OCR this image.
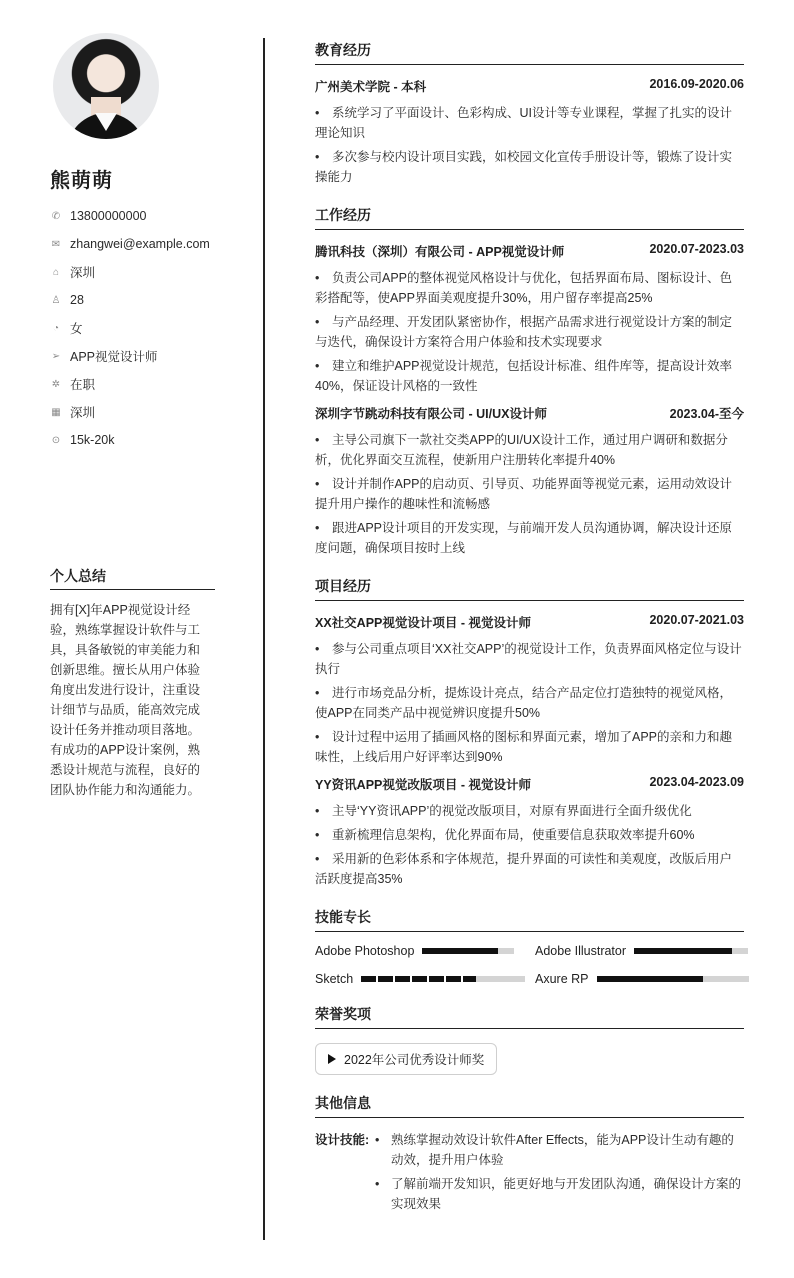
熊萌萌
✆ 13800000000
✉ zhangwei@example.com
⌂ 深圳
♙ 28
◔ 女
➢ APP视觉设计师
✲ 在职
▦ 深圳
⊙ 15k-20k
个人总结
拥有[X]年APP视觉设计经验，熟练掌握设计软件与工具，具备敏锐的审美能力和创新思维。擅长从用户体验角度出发进行设计，注重设计细节与品质，能高效完成设计任务并推动项目落地。有成功的APP设计案例，熟悉设计规范与流程，良好的团队协作能力和沟通能力。
教育经历
广州美术学院 - 本科	2016.09-2020.06
• 系统学习了平面设计、色彩构成、UI设计等专业课程，掌握了扎实的设计理论知识
• 多次参与校内设计项目实践，如校园文化宣传手册设计等，锻炼了设计实操能力
工作经历
腾讯科技（深圳）有限公司 - APP视觉设计师	2020.07-2023.03
• 负责公司APP的整体视觉风格设计与优化，包括界面布局、图标设计、色彩搭配等，使APP界面美观度提升30%，用户留存率提高25%
• 与产品经理、开发团队紧密协作，根据产品需求进行视觉设计方案的制定与迭代，确保设计方案符合用户体验和技术实现要求
• 建立和维护APP视觉设计规范，包括设计标准、组件库等，提高设计效率40%，保证设计风格的一致性
深圳字节跳动科技有限公司 - UI/UX设计师	2023.04-至今
• 主导公司旗下一款社交类APP的UI/UX设计工作，通过用户调研和数据分析，优化界面交互流程，使新用户注册转化率提升40%
• 设计并制作APP的启动页、引导页、功能界面等视觉元素，运用动效设计提升用户操作的趣味性和流畅感
• 跟进APP设计项目的开发实现，与前端开发人员沟通协调，解决设计还原度问题，确保项目按时上线
项目经历
XX社交APP视觉设计项目 - 视觉设计师	2020.07-2021.03
• 参与公司重点项目‘XX社交APP’的视觉设计工作，负责界面风格定位与设计执行
• 进行市场竞品分析，提炼设计亮点，结合产品定位打造独特的视觉风格，使APP在同类产品中视觉辨识度提升50%
• 设计过程中运用了插画风格的图标和界面元素，增加了APP的亲和力和趣味性，上线后用户好评率达到90%
YY资讯APP视觉改版项目 - 视觉设计师	2023.04-2023.09
• 主导‘YY资讯APP’的视觉改版项目，对原有界面进行全面升级优化
• 重新梳理信息架构，优化界面布局，使重要信息获取效率提升60%
• 采用新的色彩体系和字体规范，提升界面的可读性和美观度，改版后用户活跃度提高35%
技能专长
Adobe Photoshop	Adobe Illustrator
Sketch	Axure RP
荣誉奖项
2022年公司优秀设计师奖
其他信息
设计技能:
•	熟练掌握动效设计软件After Effects，能为APP设计生动有趣的动效，提升用户体验
• 了解前端开发知识，能更好地与开发团队沟通，确保设计方案的实现效果
